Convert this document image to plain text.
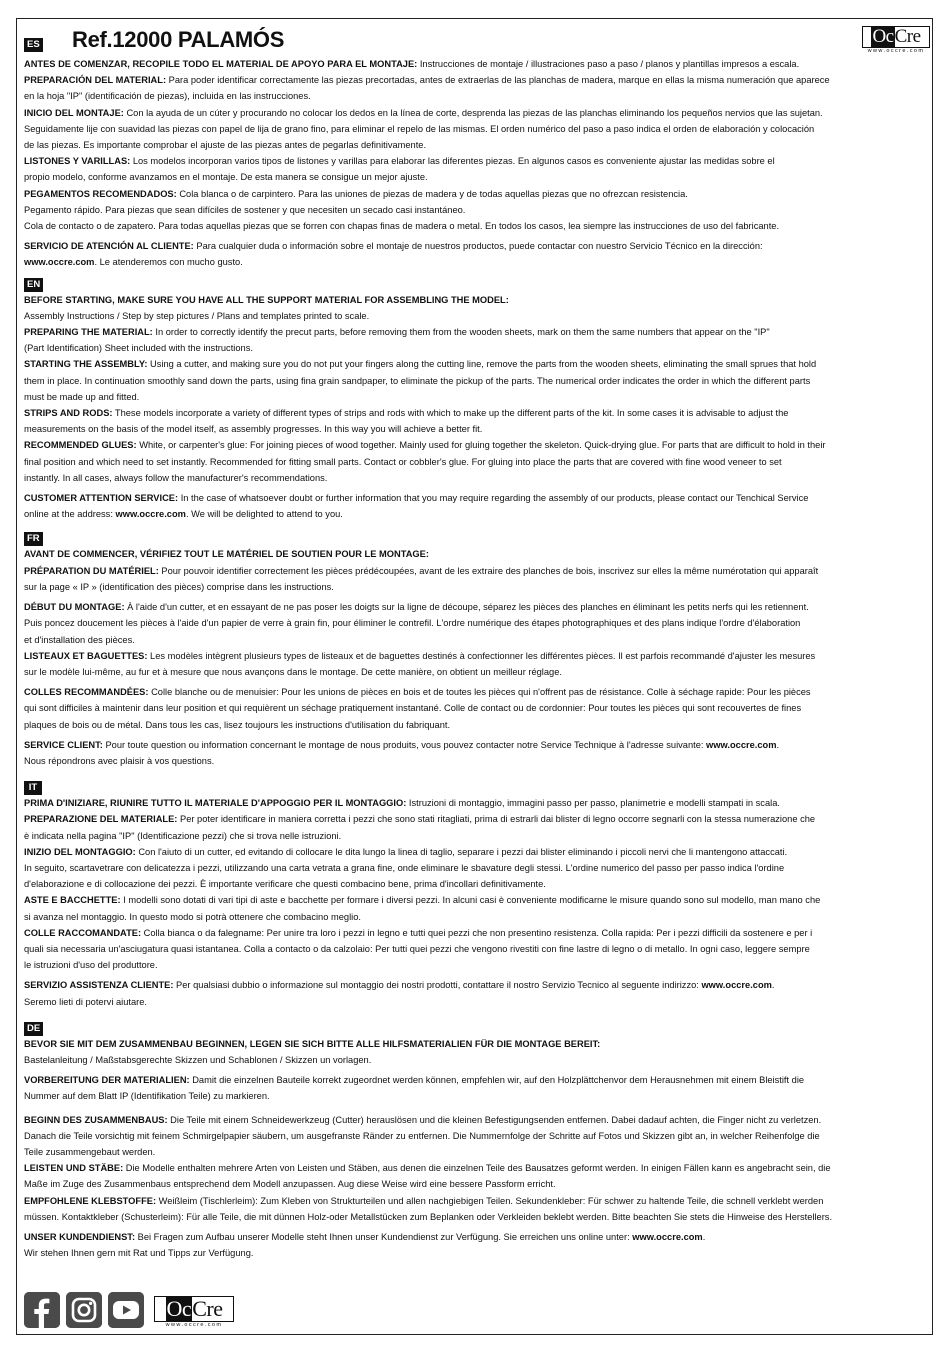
ES Ref.12000 PALAMÓS	OcCre
www.occre.com

ANTES DE COMENZAR, RECOPILE TODO EL MATERIAL DE APOYO PARA EL MONTAJE: Instrucciones de montaje / illustraciones paso a paso / planos y plantillas impresos a escala.

PREPARACIÓN DEL MATERIAL: Para poder identificar correctamente las piezas precortadas, antes de extraerlas de las planchas de madera, marque en ellas la misma numeración que aparece

en la hoja "IP" (identificación de piezas), incluida en las instrucciones.

INICIO DEL MONTAJE: Con la ayuda de un cúter y procurando no colocar los dedos en la línea de corte, desprenda las piezas de las planchas eliminando los pequeños nervios que las sujetan.

Seguidamente lije con suavidad las piezas con papel de lija de grano fino, para eliminar el repelo de las mismas. El orden numérico del paso a paso indica el orden de elaboración y colocación

de las piezas. Es importante comprobar el ajuste de las piezas antes de pegarlas definitivamente.

LISTONES Y VARILLAS: Los modelos incorporan varios tipos de listones y varillas para elaborar las diferentes piezas. En algunos casos es conveniente ajustar las medidas sobre el

propio modelo, conforme avanzamos en el montaje. De esta manera se consigue un mejor ajuste.

PEGAMENTOS RECOMENDADOS: Cola blanca o de carpintero. Para las uniones de piezas de madera y de todas aquellas piezas que no ofrezcan resistencia.

Pegamento rápido. Para piezas que sean difíciles de sostener y que necesiten un secado casi instantáneo.

Cola de contacto o de zapatero. Para todas aquellas piezas que se forren con chapas finas de madera o metal. En todos los casos, lea siempre las instrucciones de uso del fabricante.

SERVICIO DE ATENCIÓN AL CLIENTE: Para cualquier duda o información sobre el montaje de nuestros productos, puede contactar con nuestro Servicio Técnico en la dirección:

www.occre.com. Le atenderemos con mucho gusto.

EN

BEFORE STARTING, MAKE SURE YOU HAVE ALL THE SUPPORT MATERIAL FOR ASSEMBLING THE MODEL:

Assembly Instructions / Step by step pictures / Plans and templates printed to scale.

PREPARING THE MATERIAL: In order to correctly identify the precut parts, before removing them from the wooden sheets, mark on them the same numbers that appear on the "IP"

(Part Identification) Sheet included with the instructions.

STARTING THE ASSEMBLY: Using a cutter, and making sure you do not put your fingers along the cutting line, remove the parts from the wooden sheets, eliminating the small sprues that hold

them in place. In continuation smoothly sand down the parts, using fina grain sandpaper, to eliminate the pickup of the parts. The numerical order indicates the order in which the different parts

must be made up and fitted.

STRIPS AND RODS: These models incorporate a variety of different types of strips and rods with which to make up the different parts of the kit. In some cases it is advisable to adjust the

measurements on the basis of the model itself, as assembly progresses. In this way you will achieve a better fit.

RECOMMENDED GLUES: White, or carpenter's glue: For joining pieces of wood together. Mainly used for gluing together the skeleton. Quick-drying glue. For parts that are difficult to hold in their

final position and which need to set instantly. Recommended for fitting small parts. Contact or cobbler's glue. For gluing into place the parts that are covered with fine wood veneer to set

instantly. In all cases, always follow the manufacturer's recommendations.

CUSTOMER ATTENTION SERVICE: In the case of whatsoever doubt or further information that you may require regarding the assembly of our products, please contact our Tenchical Service

online at the address: www.occre.com. We will be delighted to attend to you.

FR

AVANT DE COMMENCER, VÉRIFIEZ TOUT LE MATÉRIEL DE SOUTIEN POUR LE MONTAGE:

PRÉPARATION DU MATÉRIEL: Pour pouvoir identifier correctement les pièces prédécoupées, avant de les extraire des planches de bois, inscrivez sur elles la même numérotation qui apparaît

sur la page « IP » (identification des pièces) comprise dans les instructions.

DÉBUT DU MONTAGE: À l'aide d'un cutter, et en essayant de ne pas poser les doigts sur la ligne de découpe, séparez les pièces des planches en éliminant les petits nerfs qui les retiennent.

Puis poncez doucement les pièces à l'aide d'un papier de verre à grain fin, pour éliminer le contrefil. L'ordre numérique des étapes photographiques et des plans indique l'ordre d'élaboration

et d'installation des pièces.

LISTEAUX ET BAGUETTES: Les modèles intègrent plusieurs types de listeaux et de baguettes destinés à confectionner les différentes pièces. Il est parfois recommandé d'ajuster les mesures

sur le modèle lui-même, au fur et à mesure que nous avançons dans le montage. De cette manière, on obtient un meilleur réglage.

COLLES RECOMMANDÉES: Colle blanche ou de menuisier: Pour les unions de pièces en bois et de toutes les pièces qui n'offrent pas de résistance. Colle à séchage rapide: Pour les pièces

qui sont difficiles à maintenir dans leur position et qui requièrent un séchage pratiquement instantané. Colle de contact ou de cordonnier: Pour toutes les pièces qui sont recouvertes de fines

plaques de bois ou de métal. Dans tous les cas, lisez toujours les instructions d'utilisation du fabriquant.

SERVICE CLIENT: Pour toute question ou information concernant le montage de nous produits, vous pouvez contacter notre Service Technique à l'adresse suivante: www.occre.com.

Nous répondrons avec plaisir à vos questions.

IT

PRIMA D'INIZIARE, RIUNIRE TUTTO IL MATERIALE D'APPOGGIO PER IL MONTAGGIO: Istruzioni di montaggio, immagini passo per passo, planimetrie e modelli stampati in scala.

PREPARAZIONE DEL MATERIALE: Per poter identificare in maniera corretta i pezzi che sono stati ritagliati, prima di estrarli dai blister di legno occorre segnarli con la stessa numerazione che

è indicata nella pagina "IP" (Identificazione pezzi) che si trova nelle istruzioni.

INIZIO DEL MONTAGGIO: Con l'aiuto di un cutter, ed evitando di collocare le dita lungo la linea di taglio, separare i pezzi dai blister eliminando i piccoli nervi che li mantengono attaccati.

In seguito, scartavetrare con delicatezza i pezzi, utilizzando una carta vetrata a grana fine, onde eliminare le sbavature degli stessi. L'ordine numerico del passo per passo indica l'ordine

d'elaborazione e di collocazione dei pezzi. È importante verificare che questi combacino bene, prima d'incollari definitivamente.

ASTE E BACCHETTE: I modelli sono dotati di vari tipi di aste e bacchette per formare i diversi pezzi. In alcuni casi è conveniente modificarne le misure quando sono sul modello, man mano che

si avanza nel montaggio. In questo modo si potrà ottenere che combacino meglio.

COLLE RACCOMANDATE: Colla bianca o da falegname: Per unire tra loro i pezzi in legno e tutti quei pezzi che non presentino resistenza. Colla rapida: Per i pezzi difficili da sostenere e per i

quali sia necessaria un'asciugatura quasi istantanea. Colla a contacto o da calzolaio: Per tutti quei pezzi che vengono rivestiti con fine lastre di legno o di metallo. In ogni caso, leggere sempre

le istruzioni d'uso del produttore.

SERVIZIO ASSISTENZA CLIENTE: Per qualsiasi dubbio o informazione sul montaggio dei nostri prodotti, contattare il nostro Servizio Tecnico al seguente indirizzo: www.occre.com.

Seremo lieti di potervi aiutare.

DE

BEVOR SIE MIT DEM ZUSAMMENBAU BEGINNEN, LEGEN SIE SICH BITTE ALLE HILFSMATERIALIEN FÜR DIE MONTAGE BEREIT:

Bastelanleitung / Maßstabsgerechte Skizzen und Schablonen / Skizzen un vorlagen.

VORBEREITUNG DER MATERIALIEN: Damit die einzelnen Bauteile korrekt zugeordnet werden können, empfehlen wir, auf den Holzplättchenvor dem Herausnehmen mit einem Bleistift die

Nummer auf dem Blatt IP (Identifikation Teile) zu markieren.

BEGINN DES ZUSAMMENBAUS: Die Teile mit einem Schneidewerkzeug (Cutter) herauslösen und die kleinen Befestigungsenden entfernen. Dabei dadauf achten, die Finger nicht zu verletzen.

Danach die Teile vorsichtig mit feinem Schmirgelpapier säubern, um ausgefranste Ränder zu entfernen. Die Nummernfolge der Schritte auf Fotos und Skizzen gibt an, in welcher Reihenfolge die

Teile zusammengebaut werden.

LEISTEN UND STÄBE: Die Modelle enthalten mehrere Arten von Leisten und Stäben, aus denen die einzelnen Teile des Bausatzes geformt werden. In einigen Fällen kann es angebracht sein, die

Maße im Zuge des Zusammenbaus entsprechend dem Modell anzupassen. Aug diese Weise wird eine bessere Passform erricht.

EMPFOHLENE KLEBSTOFFE: Weißleim (Tischlerleim): Zum Kleben von Strukturteilen und allen nachgiebigen Teilen. Sekundenkleber: Für schwer zu haltende Teile, die schnell verklebt werden

müssen. Kontaktkleber (Schusterleim): Für alle Teile, die mit dünnen Holz-oder Metallstücken zum Beplanken oder Verkleiden beklebt werden. Bitte beachten Sie stets die Hinweise des Herstellers.

UNSER KUNDENDIENST: Bei Fragen zum Aufbau unserer Modelle steht Ihnen unser Kundendienst zur Verfügung. Sie erreichen uns online unter: www.occre.com.

Wir stehen Ihnen gern mit Rat und Tipps zur Verfügung.

OcCre
www.occre.com
